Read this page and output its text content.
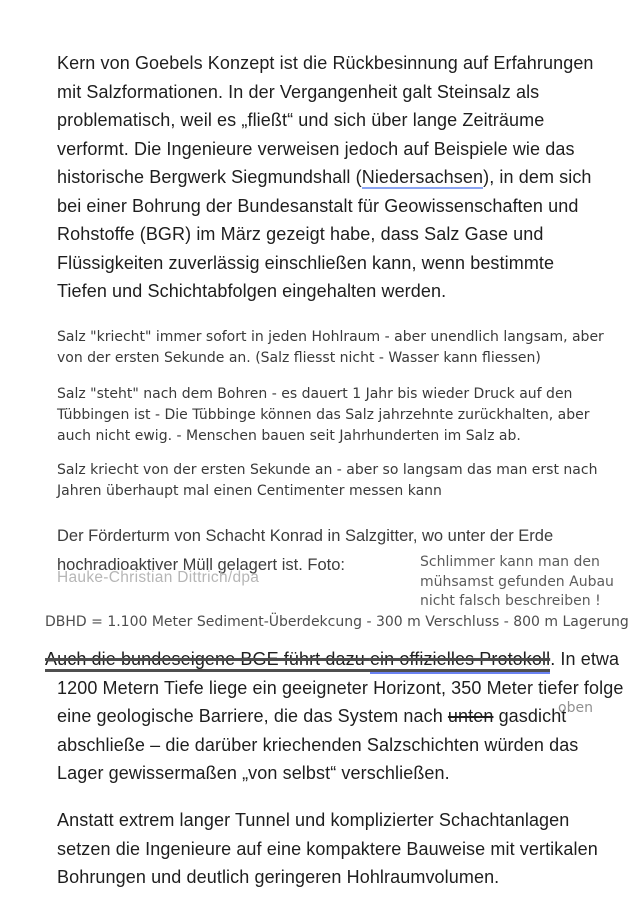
Kern von Goebels Konzept ist die Rückbesinnung auf Erfahrungen mit Salzformationen. In der Vergangenheit galt Steinsalz als problematisch, weil es „fließt“ und sich über lange Zeiträume verformt. Die Ingenieure verweisen jedoch auf Beispiele wie das historische Bergwerk Siegmundshall (Niedersachsen), in dem sich bei einer Bohrung der Bundesanstalt für Geowissenschaften und Rohstoffe (BGR) im März gezeigt habe, dass Salz Gase und Flüssigkeiten zuverlässig einschließen kann, wenn bestimmte Tiefen und Schichtabfolgen eingehalten werden.

Salz "kriecht" immer sofort in jeden Hohlraum - aber unendlich langsam, aber von der ersten Sekunde an. (Salz fliesst nicht - Wasser kann fliessen)

Salz "steht" nach dem Bohren - es dauert 1 Jahr bis wieder Druck auf den Tübbingen ist - Die Tübbinge können das Salz jahrzehnte zurückhalten, aber auch nicht ewig. - Menschen bauen seit Jahrhunderten im Salz ab.

Salz kriecht von der ersten Sekunde an - aber so langsam das man erst nach Jahren überhaupt mal einen Centimenter messen kann

Der Förderturm von Schacht Konrad in Salzgitter, wo unter der Erde hochradioaktiver Müll gelagert ist. Foto:

Hauke-Christian Dittrich/dpa

Schlimmer kann man den mühsamst gefunden Aubau nicht falsch beschreiben !

DBHD = 1.100 Meter Sediment-Überdekcung - 300 m Verschluss - 800 m Lagerung

Auch die bundeseigene BGE führt dazu ein offizielles Protokoll. In etwa 1200 Metern Tiefe liege ein geeigneter Horizont, 350 Meter tiefer folge eine geologische Barriere, die das System nach unten gasdicht abschließe – die darüber kriechenden Salzschichten würden das Lager gewissermaßen „von selbst“ verschließen.

oben

Anstatt extrem langer Tunnel und komplizierter Schachtanlagen setzen die Ingenieure auf eine kompaktere Bauweise mit vertikalen Bohrungen und deutlich geringeren Hohlraumvolumen.
